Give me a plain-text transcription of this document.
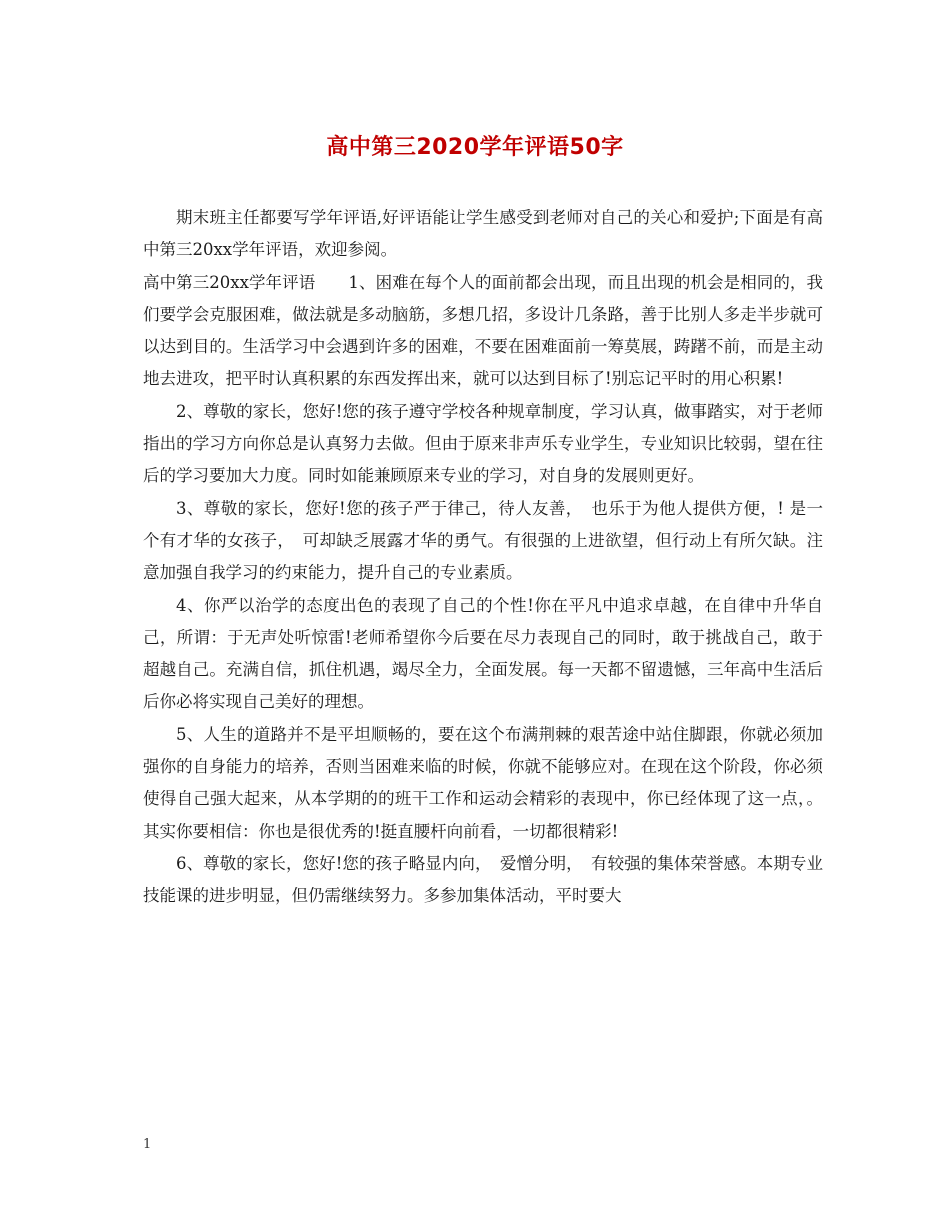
高中第三2020学年评语50字

期末班主任都要写学年评语,好评语能让学生感受到老师对自己的关心和爱护;下面是有高中第三20xx学年评语，欢迎参阅。

高中第三20xx学年评语　　1、困难在每个人的面前都会出现，而且出现的机会是相同的，我们要学会克服困难，做法就是多动脑筋，多想几招，多设计几条路，善于比别人多走半步就可以达到目的。生活学习中会遇到许多的困难，不要在困难面前一筹莫展，踌躇不前，而是主动地去进攻，把平时认真积累的东西发挥出来，就可以达到目标了!别忘记平时的用心积累!

2、尊敬的家长，您好!您的孩子遵守学校各种规章制度，学习认真，做事踏实，对于老师指出的学习方向你总是认真努力去做。但由于原来非声乐专业学生，专业知识比较弱，望在往后的学习要加大力度。同时如能兼顾原来专业的学习，对自身的发展则更好。

3、尊敬的家长，您好!您的孩子严于律己，待人友善，　也乐于为他人提供方便，! 是一个有才华的女孩子，　可却缺乏展露才华的勇气。有很强的上进欲望，但行动上有所欠缺。注意加强自我学习的约束能力，提升自己的专业素质。

4、你严以治学的态度出色的表现了自己的个性!你在平凡中追求卓越，在自律中升华自己，所谓：于无声处听惊雷!老师希望你今后要在尽力表现自己的同时，敢于挑战自己，敢于超越自己。充满自信，抓住机遇，竭尽全力，全面发展。每一天都不留遗憾，三年高中生活后后你必将实现自己美好的理想。

5、人生的道路并不是平坦顺畅的，要在这个布满荆棘的艰苦途中站住脚跟，你就必须加强你的自身能力的培养，否则当困难来临的时候，你就不能够应对。在现在这个阶段，你必须使得自己强大起来，从本学期的的班干工作和运动会精彩的表现中，你已经体现了这一点，。其实你要相信：你也是很优秀的!挺直腰杆向前看，一切都很精彩!

6、尊敬的家长，您好!您的孩子略显内向，　爱憎分明，　有较强的集体荣誉感。本期专业技能课的进步明显，但仍需继续努力。多参加集体活动，平时要大

1
